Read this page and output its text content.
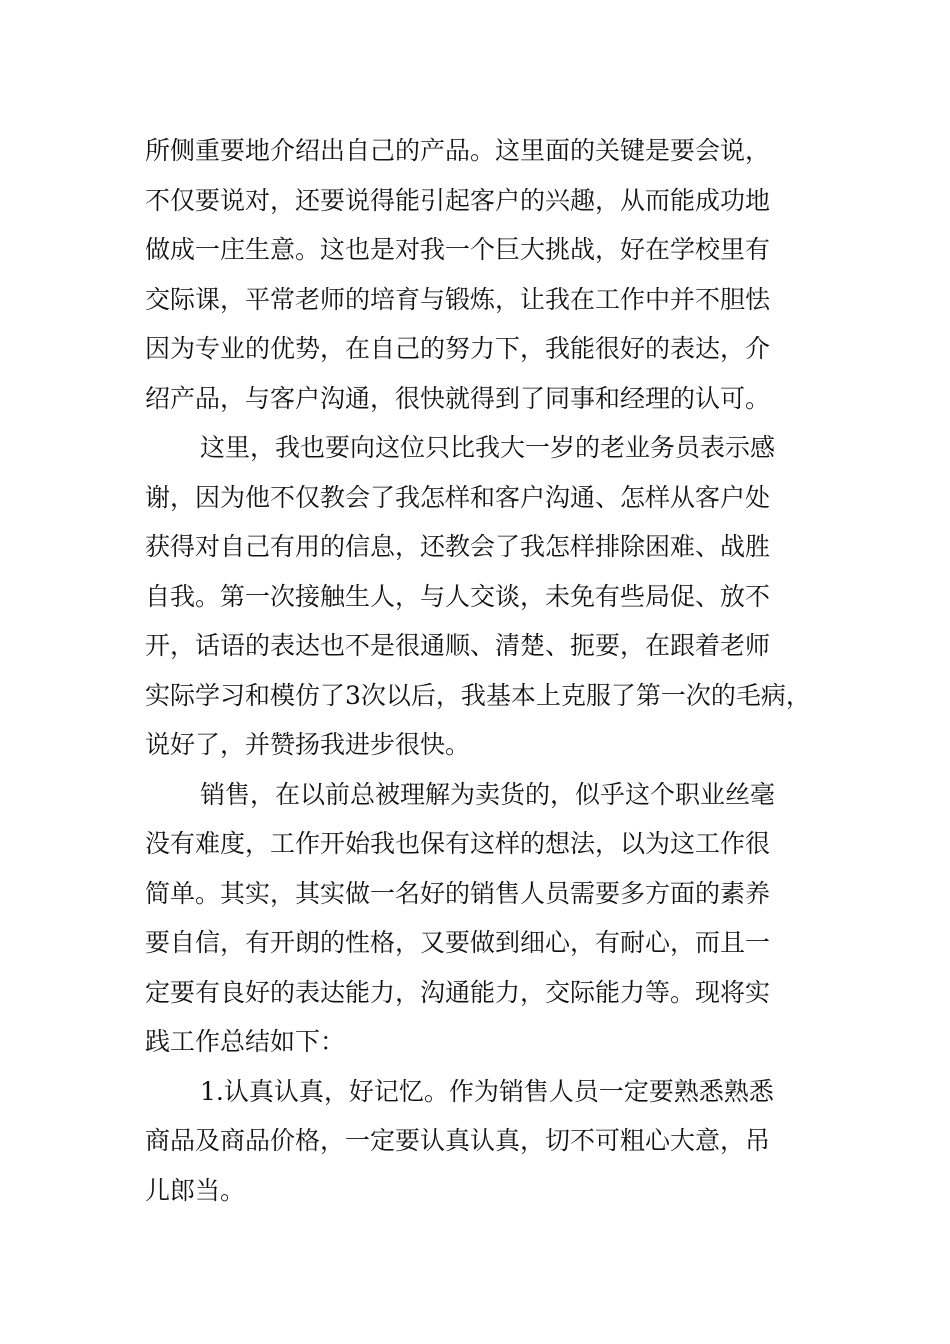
所侧重要地介绍出自己的产品。这里面的关键是要会说，
不仅要说对，还要说得能引起客户的兴趣，从而能成功地
做成一庄生意。这也是对我一个巨大挑战，好在学校里有
交际课，平常老师的培育与锻炼，让我在工作中并不胆怯
因为专业的优势，在自己的努力下，我能很好的表达，介
绍产品，与客户沟通，很快就得到了同事和经理的认可。
这里，我也要向这位只比我大一岁的老业务员表示感
谢，因为他不仅教会了我怎样和客户沟通、怎样从客户处
获得对自己有用的信息，还教会了我怎样排除困难、战胜
自我。第一次接触生人，与人交谈，未免有些局促、放不
开，话语的表达也不是很通顺、清楚、扼要，在跟着老师
实际学习和模仿了3次以后，我基本上克服了第一次的毛病，
说好了，并赞扬我进步很快。
销售，在以前总被理解为卖货的，似乎这个职业丝毫
没有难度，工作开始我也保有这样的想法，以为这工作很
简单。其实，其实做一名好的销售人员需要多方面的素养
要自信，有开朗的性格，又要做到细心，有耐心，而且一
定要有良好的表达能力，沟通能力，交际能力等。现将实
践工作总结如下：
1.认真认真，好记忆。作为销售人员一定要熟悉熟悉
商品及商品价格，一定要认真认真，切不可粗心大意，吊
儿郎当。
